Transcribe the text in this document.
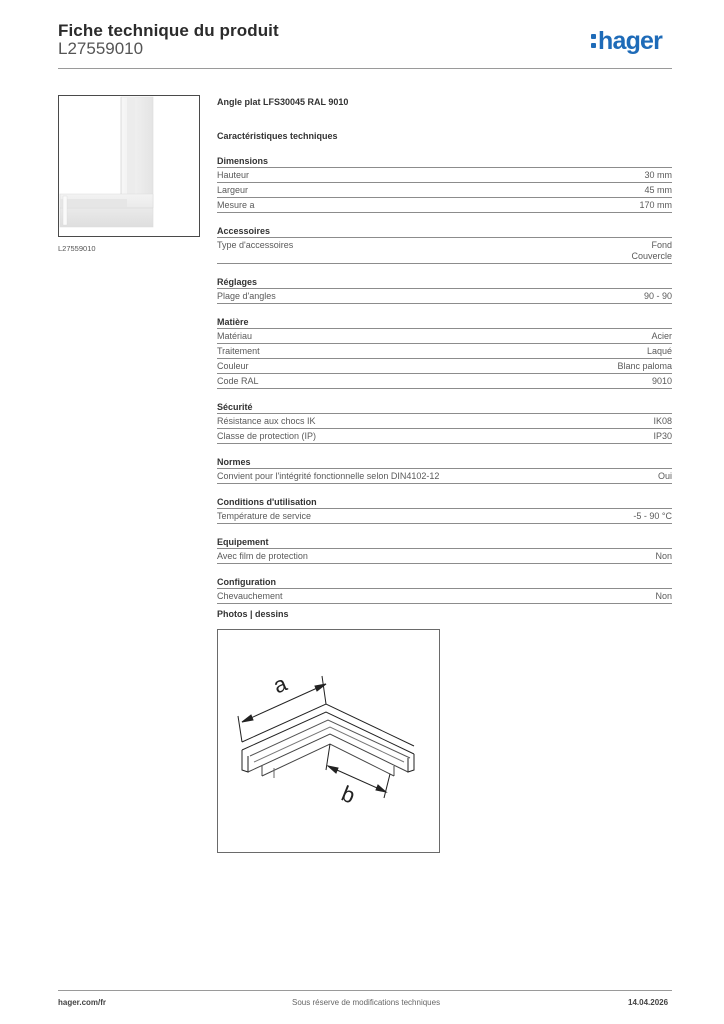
Fiche technique du produit
L27559010	hager
L27559010
Angle plat LFS30045 RAL 9010
Caractéristiques techniques
Dimensions
Hauteur	30 mm
Largeur	45 mm
Mesure a	170 mm
Accessoires
Type d'accessoires	Fond
Couvercle
Réglages
Plage d'angles	90 - 90
Matière
Matériau	Acier
Traitement	Laqué
Couleur	Blanc paloma
Code RAL	9010
Sécurité
Résistance aux chocs IK	IK08
Classe de protection (IP)	IP30
Normes
Convient pour l'intégrité fonctionnelle selon DIN4102-12	Oui
Conditions d'utilisation
Température de service	-5 - 90 °C
Equipement
Avec film de protection	Non
Configuration
Chevauchement	Non
Photos | dessins
a
b
hager.com/fr	Sous réserve de modifications techniques	14.04.2026
